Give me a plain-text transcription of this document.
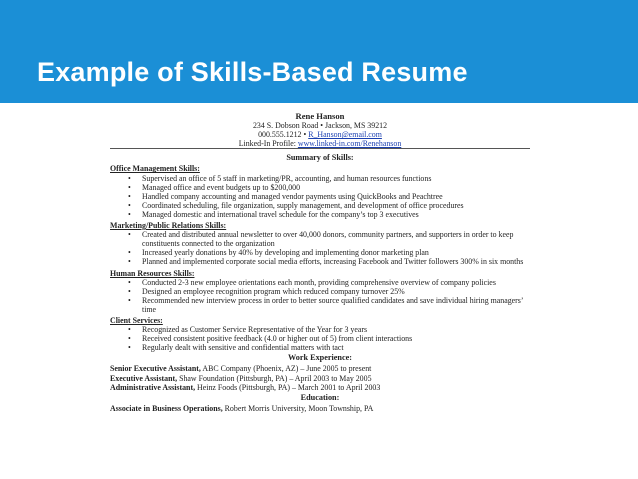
Example of Skills-Based Resume
Rene Hanson
234 S. Dobson Road • Jackson, MS 39212
000.555.1212 • R_Hanson@email.com
Linked-In Profile: www.linked-in.com/Renehanson
Summary of Skills:
Office Management Skills:
• Supervised an office of 5 staff in marketing/PR, accounting, and human resources functions
• Managed office and event budgets up to $200,000
• Handled company accounting and managed vendor payments using QuickBooks and Peachtree
• Coordinated scheduling, file organization, supply management, and development of office procedures
• Managed domestic and international travel schedule for the company’s top 3 executives
Marketing/Public Relations Skills:
• Created and distributed annual newsletter to over 40,000 donors, community partners, and supporters in order to keep constituents connected to the organization
• Increased yearly donations by 40% by developing and implementing donor marketing plan
• Planned and implemented corporate social media efforts, increasing Facebook and Twitter followers 300% in six months
Human Resources Skills:
• Conducted 2-3 new employee orientations each month, providing comprehensive overview of company policies
• Designed an employee recognition program which reduced company turnover 25%
• Recommended new interview process in order to better source qualified candidates and save individual hiring managers’ time
Client Services:
• Recognized as Customer Service Representative of the Year for 3 years
• Received consistent positive feedback (4.0 or higher out of 5) from client interactions
• Regularly dealt with sensitive and confidential matters with tact
Work Experience:
Senior Executive Assistant, ABC Company (Phoenix, AZ) – June 2005 to present
Executive Assistant, Shaw Foundation (Pittsburgh, PA) – April 2003 to May 2005
Administrative Assistant, Heinz Foods (Pittsburgh, PA) – March 2001 to April 2003
Education:
Associate in Business Operations, Robert Morris University, Moon Township, PA
